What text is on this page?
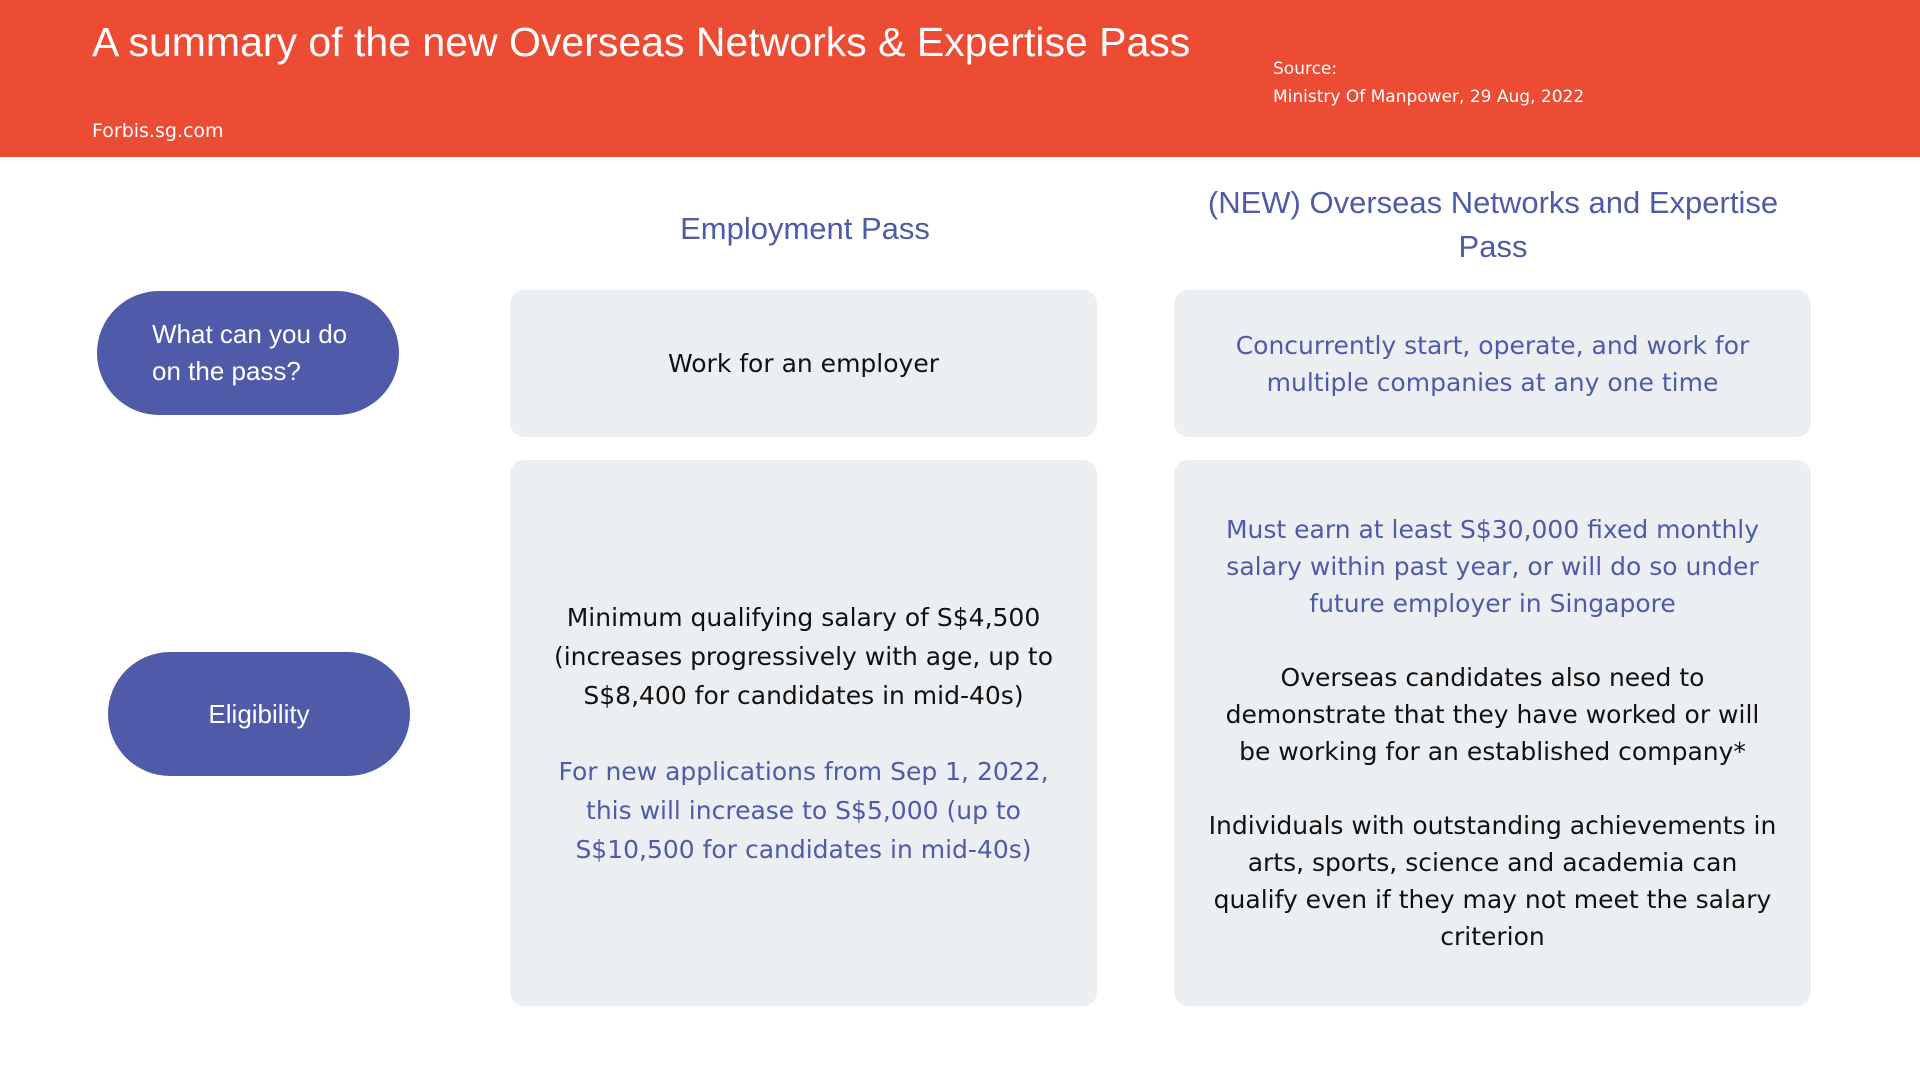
A summary of the new Overseas Networks & Expertise Pass
Forbis.sg.com
Source:
Ministry Of Manpower, 29 Aug, 2022
Employment Pass
(NEW) Overseas Networks and Expertise Pass
What can you do on the pass?
Eligibility

Work for an employer

Concurrently start, operate, and work for multiple companies at any one time

Minimum qualifying salary of S$4,500 (increases progressively with age, up to S$8,400 for candidates in mid-40s)

For new applications from Sep 1, 2022, this will increase to S$5,000 (up to S$10,500 for candidates in mid-40s)

Must earn at least S$30,000 fixed monthly salary within past year, or will do so under future employer in Singapore

Overseas candidates also need to demonstrate that they have worked or will be working for an established company*

Individuals with outstanding achievements in arts, sports, science and academia can qualify even if they may not meet the salary criterion
